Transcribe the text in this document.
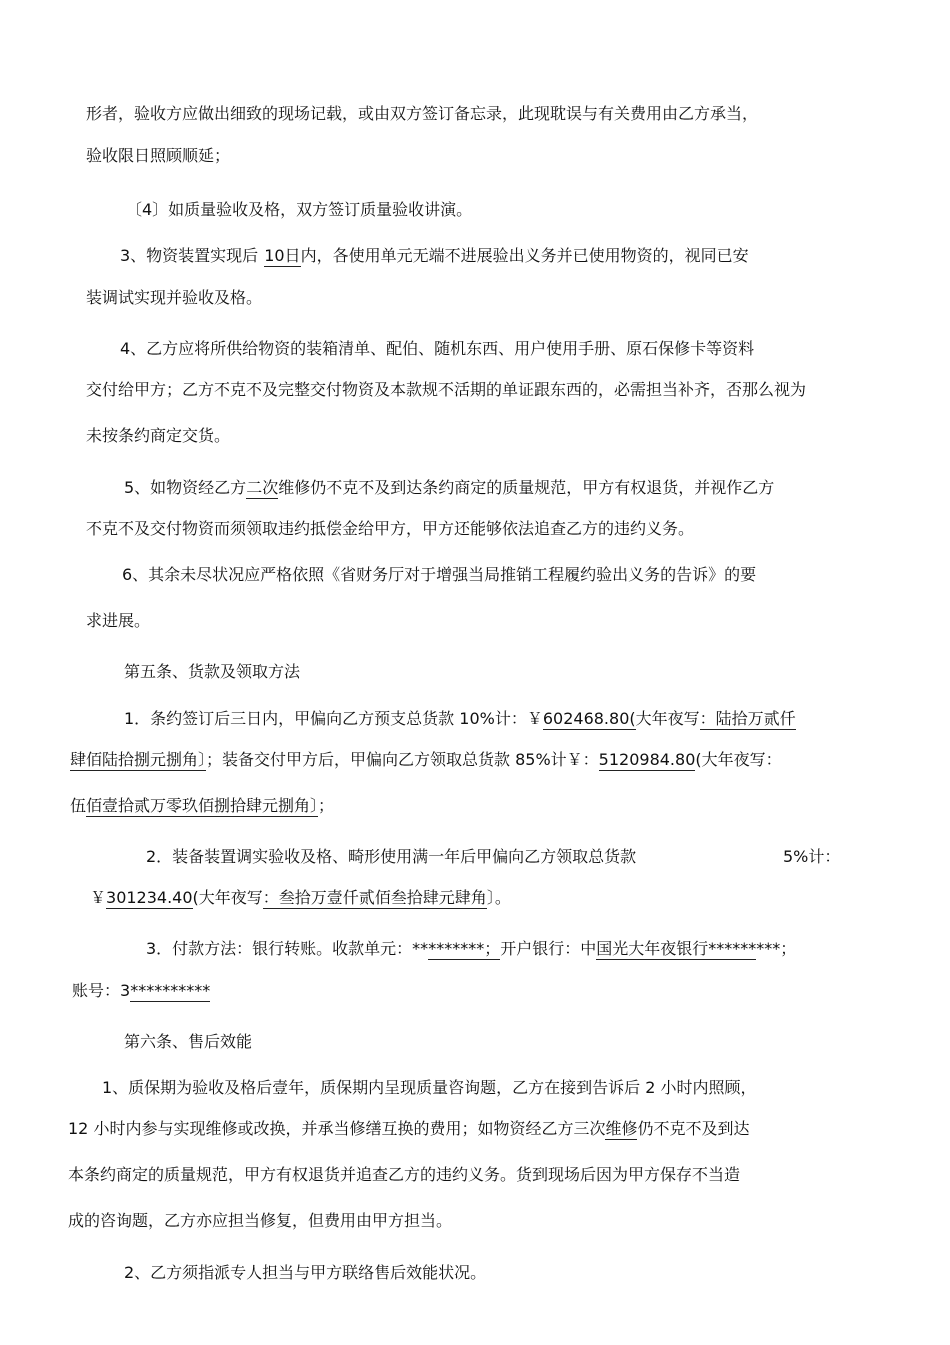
形者，验收方应做出细致的现场记载，或由双方签订备忘录，此现耽误与有关费用由乙方承当，
验收限日照顾顺延；
〔4〕如质量验收及格，双方签订质量验收讲演。
3、物资装置实现后 10日内，各使用单元无端不进展验出义务并已使用物资的，视同已安
装调试实现并验收及格。
4、乙方应将所供给物资的装箱清单、配伯、随机东西、用户使用手册、原石保修卡等资料
交付给甲方；乙方不克不及完整交付物资及本款规不活期的单证跟东西的，必需担当补齐，否那么视为
未按条约商定交货。
5、如物资经乙方二次维修仍不克不及到达条约商定的质量规范，甲方有权退货，并视作乙方
不克不及交付物资而须领取违约抵偿金给甲方，甲方还能够依法追查乙方的违约义务。
6、其余未尽状况应严格依照《省财务厅对于增强当局推销工程履约验出义务的告诉》的要
求进展。
第五条、货款及领取方法
1．条约签订后三日内，甲偏向乙方预支总货款 10%计：￥602468.80(大年夜写：陆拾万贰仟
肆佰陆拾捌元捌角〕；装备交付甲方后，甲偏向乙方领取总货款 85%计￥：5120984.80(大年夜写：
伍佰壹拾贰万零玖佰捌拾肆元捌角〕；
2．装备装置调实验收及格、畸形使用满一年后甲偏向乙方领取总货款	5%计：
￥301234.40(大年夜写：叁拾万壹仟贰佰叁拾肆元肆角〕。
3．付款方法：银行转账。收款单元：*********；开户银行：中国光大年夜银行*********；
账号：3**********
第六条、售后效能
1、质保期为验收及格后壹年，质保期内呈现质量咨询题，乙方在接到告诉后 2 小时内照顾，
12 小时内参与实现维修或改换，并承当修缮互换的费用；如物资经乙方三次维修仍不克不及到达
本条约商定的质量规范，甲方有权退货并追查乙方的违约义务。货到现场后因为甲方保存不当造
成的咨询题，乙方亦应担当修复，但费用由甲方担当。
2、乙方须指派专人担当与甲方联络售后效能状况。
